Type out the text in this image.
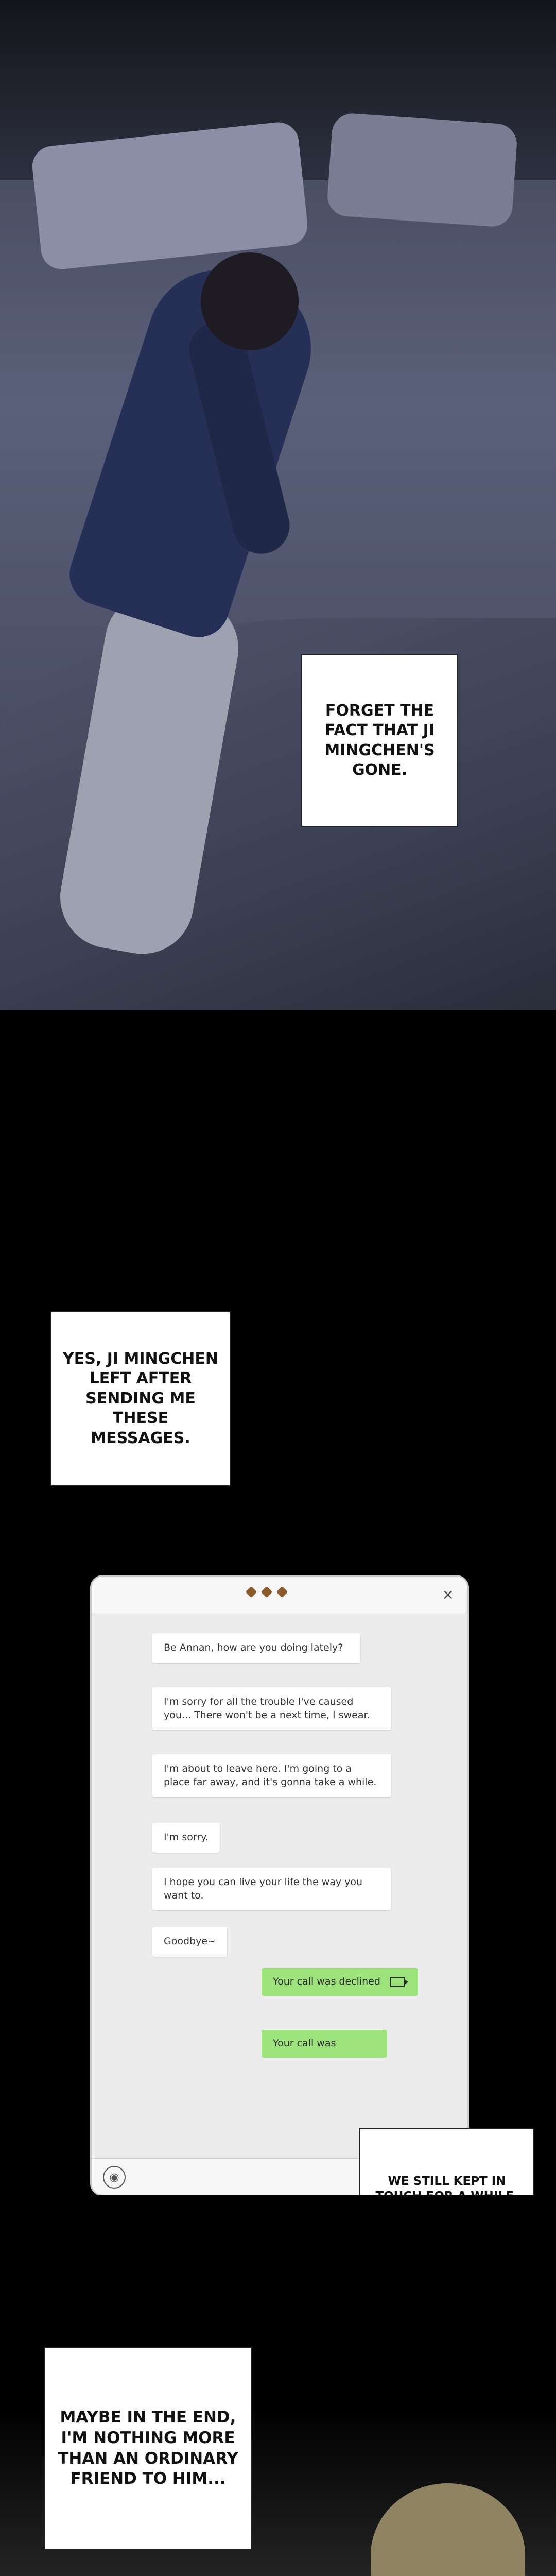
FORGET THE FACT THAT JI MINGCHEN'S GONE.
YES, JI MINGCHEN LEFT AFTER SENDING ME THESE MESSAGES.
×
Be Annan, how are you doing lately?
I'm sorry for all the trouble I've caused you... There won't be a next time, I swear.
I'm about to leave here. I'm going to a place far away, and it's gonna take a while.
I'm sorry.
I hope you can live your life the way you want to.
Goodbye~
Your call was declined
Your call was
◉	WE STILL KEPT IN
MAYBE IN THE END, I'M NOTHING MORE THAN AN ORDINARY FRIEND TO HIM...
